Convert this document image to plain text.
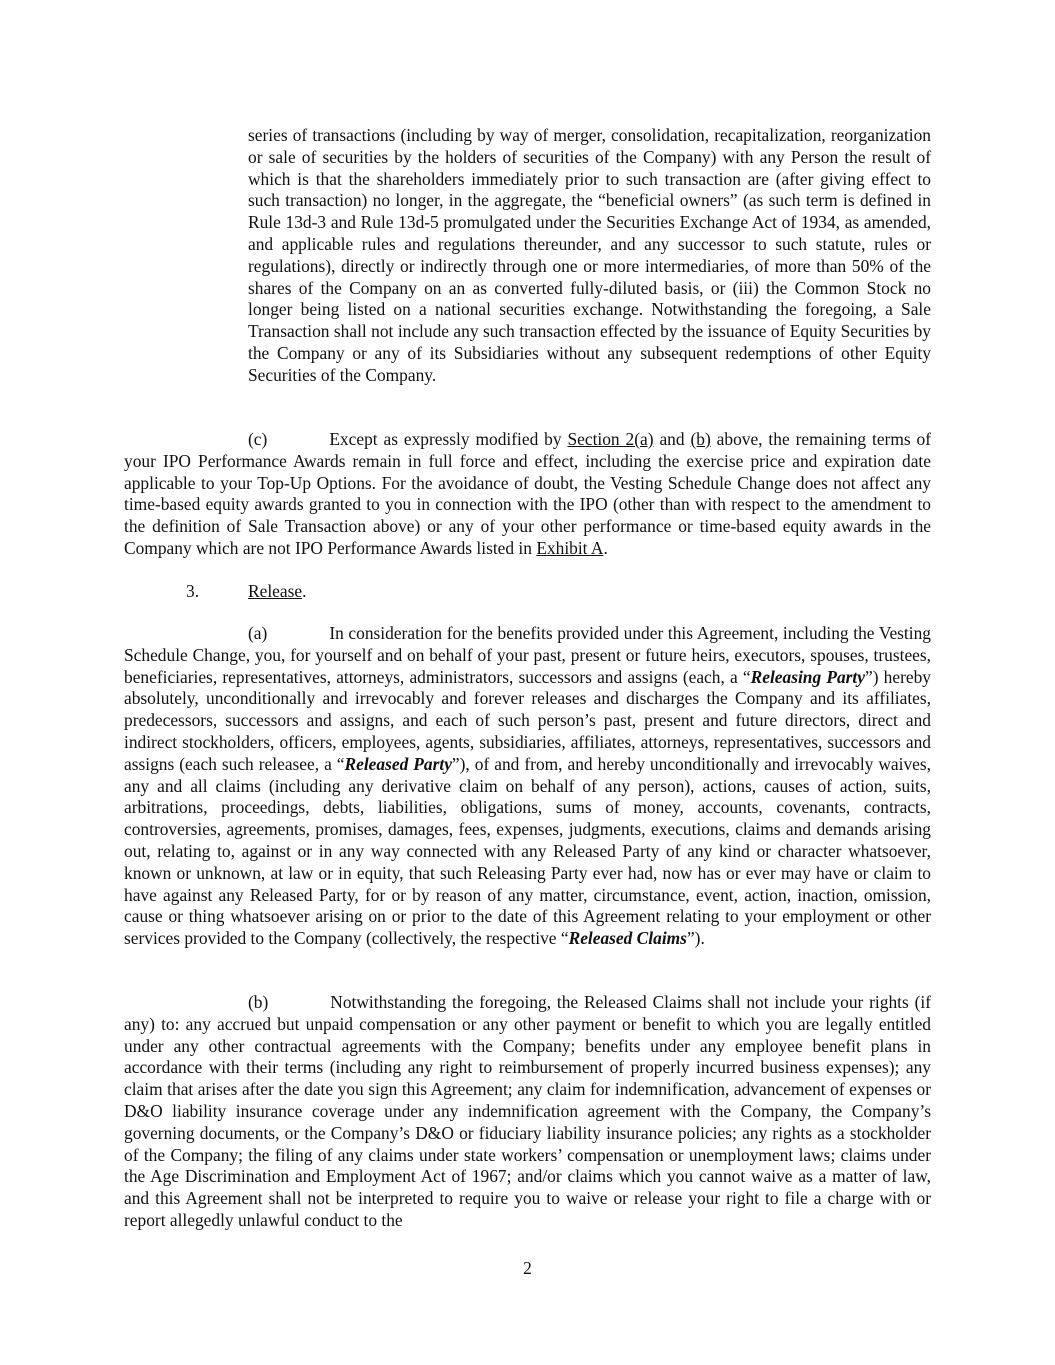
series of transactions (including by way of merger, consolidation, recapitalization, reorganization or sale of securities by the holders of securities of the Company) with any Person the result of which is that the shareholders immediately prior to such transaction are (after giving effect to such transaction) no longer, in the aggregate, the “beneficial owners” (as such term is defined in Rule 13d-3 and Rule 13d-5 promulgated under the Securities Exchange Act of 1934, as amended, and applicable rules and regulations thereunder, and any successor to such statute, rules or regulations), directly or indirectly through one or more intermediaries, of more than 50% of the shares of the Company on an as converted fully-diluted basis, or (iii) the Common Stock no longer being listed on a national securities exchange. Notwithstanding the foregoing, a Sale Transaction shall not include any such transaction effected by the issuance of Equity Securities by the Company or any of its Subsidiaries without any subsequent redemptions of other Equity Securities of the Company.

(c)	Except as expressly modified by Section 2(a) and (b) above, the remaining terms of your IPO Performance Awards remain in full force and effect, including the exercise price and expiration date applicable to your Top-Up Options. For the avoidance of doubt, the Vesting Schedule Change does not affect any time-based equity awards granted to you in connection with the IPO (other than with respect to the amendment to the definition of Sale Transaction above) or any of your other performance or time-based equity awards in the Company which are not IPO Performance Awards listed in Exhibit A.

3.	Release.

(a)	In consideration for the benefits provided under this Agreement, including the Vesting Schedule Change, you, for yourself and on behalf of your past, present or future heirs, executors, spouses, trustees, beneficiaries, representatives, attorneys, administrators, successors and assigns (each, a “Releasing Party”) hereby absolutely, unconditionally and irrevocably and forever releases and discharges the Company and its affiliates, predecessors, successors and assigns, and each of such person’s past, present and future directors, direct and indirect stockholders, officers, employees, agents, subsidiaries, affiliates, attorneys, representatives, successors and assigns (each such releasee, a “Released Party”), of and from, and hereby unconditionally and irrevocably waives, any and all claims (including any derivative claim on behalf of any person), actions, causes of action, suits, arbitrations, proceedings, debts, liabilities, obligations, sums of money, accounts, covenants, contracts, controversies, agreements, promises, damages, fees, expenses, judgments, executions, claims and demands arising out, relating to, against or in any way connected with any Released Party of any kind or character whatsoever, known or unknown, at law or in equity, that such Releasing Party ever had, now has or ever may have or claim to have against any Released Party, for or by reason of any matter, circumstance, event, action, inaction, omission, cause or thing whatsoever arising on or prior to the date of this Agreement relating to your employment or other services provided to the Company (collectively, the respective “Released Claims”).

(b)	Notwithstanding the foregoing, the Released Claims shall not include your rights (if any) to: any accrued but unpaid compensation or any other payment or benefit to which you are legally entitled under any other contractual agreements with the Company; benefits under any employee benefit plans in accordance with their terms (including any right to reimbursement of properly incurred business expenses); any claim that arises after the date you sign this Agreement; any claim for indemnification, advancement of expenses or D&O liability insurance coverage under any indemnification agreement with the Company, the Company’s governing documents, or the Company’s D&O or fiduciary liability insurance policies; any rights as a stockholder of the Company; the filing of any claims under state workers’ compensation or unemployment laws; claims under the Age Discrimination and Employment Act of 1967; and/or claims which you cannot waive as a matter of law, and this Agreement shall not be interpreted to require you to waive or release your right to file a charge with or report allegedly unlawful conduct to the

2
